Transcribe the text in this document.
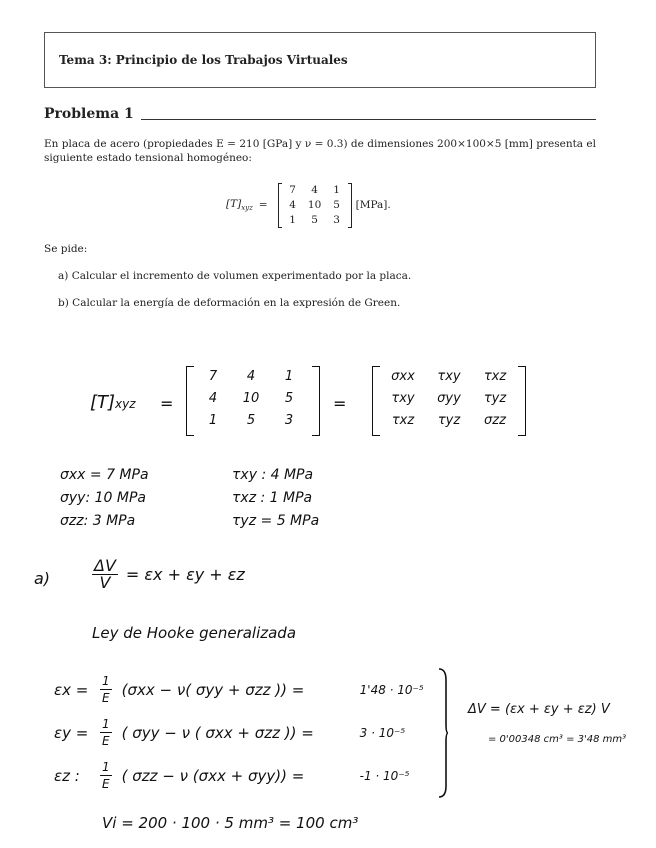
Tema 3: Principio de los Trabajos Virtuales
Problema 1
En placa de acero (propiedades E = 210 [GPa] y ν = 0.3) de dimensiones 200×100×5 [mm] presenta el siguiente estado tensional homogéneo:
$[T]_{xyz}$ =
7	4	1
4	10	5
1	5	3
[MPa].
Se pide:
a) Calcular el incremento de volumen experimentado por la placa.
b) Calcular la energía de deformación en la expresión de Green.
[T]xyz =
7	4	1
4	10	5
1	5	3
=
σxx	τxy	τxz
τxy	σyy	τyz
τxz	τyz	σzz
σxx = 7 MPa
σyy: 10 MPa
σzz: 3 MPa
τxy : 4 MPa
τxz : 1 MPa
τyz = 5 MPa
a)	$\frac{\Delta V}{V} = \varepsilon x + \varepsilon y + \varepsilon z$
Ley de Hooke generalizada
$\varepsilon x = \frac{1}{E} (\sigma xx - \nu$( σyy + σzz )) =	1'48 · 10⁻⁵
$\varepsilon y = \frac{1}{E}$ ( σyy − ν ( σxx + σzz )) =	3 · 10⁻⁵
εz :	$\frac{1}{E}$ ( σzz − ν (σxx + σyy)) =	-1 · 10⁻⁵
ΔV = (εx + εy + εz) V
= 0'00348 cm³ = 3'48 mm³
Vi = 200 · 100 · 5 mm³ = 100 cm³
